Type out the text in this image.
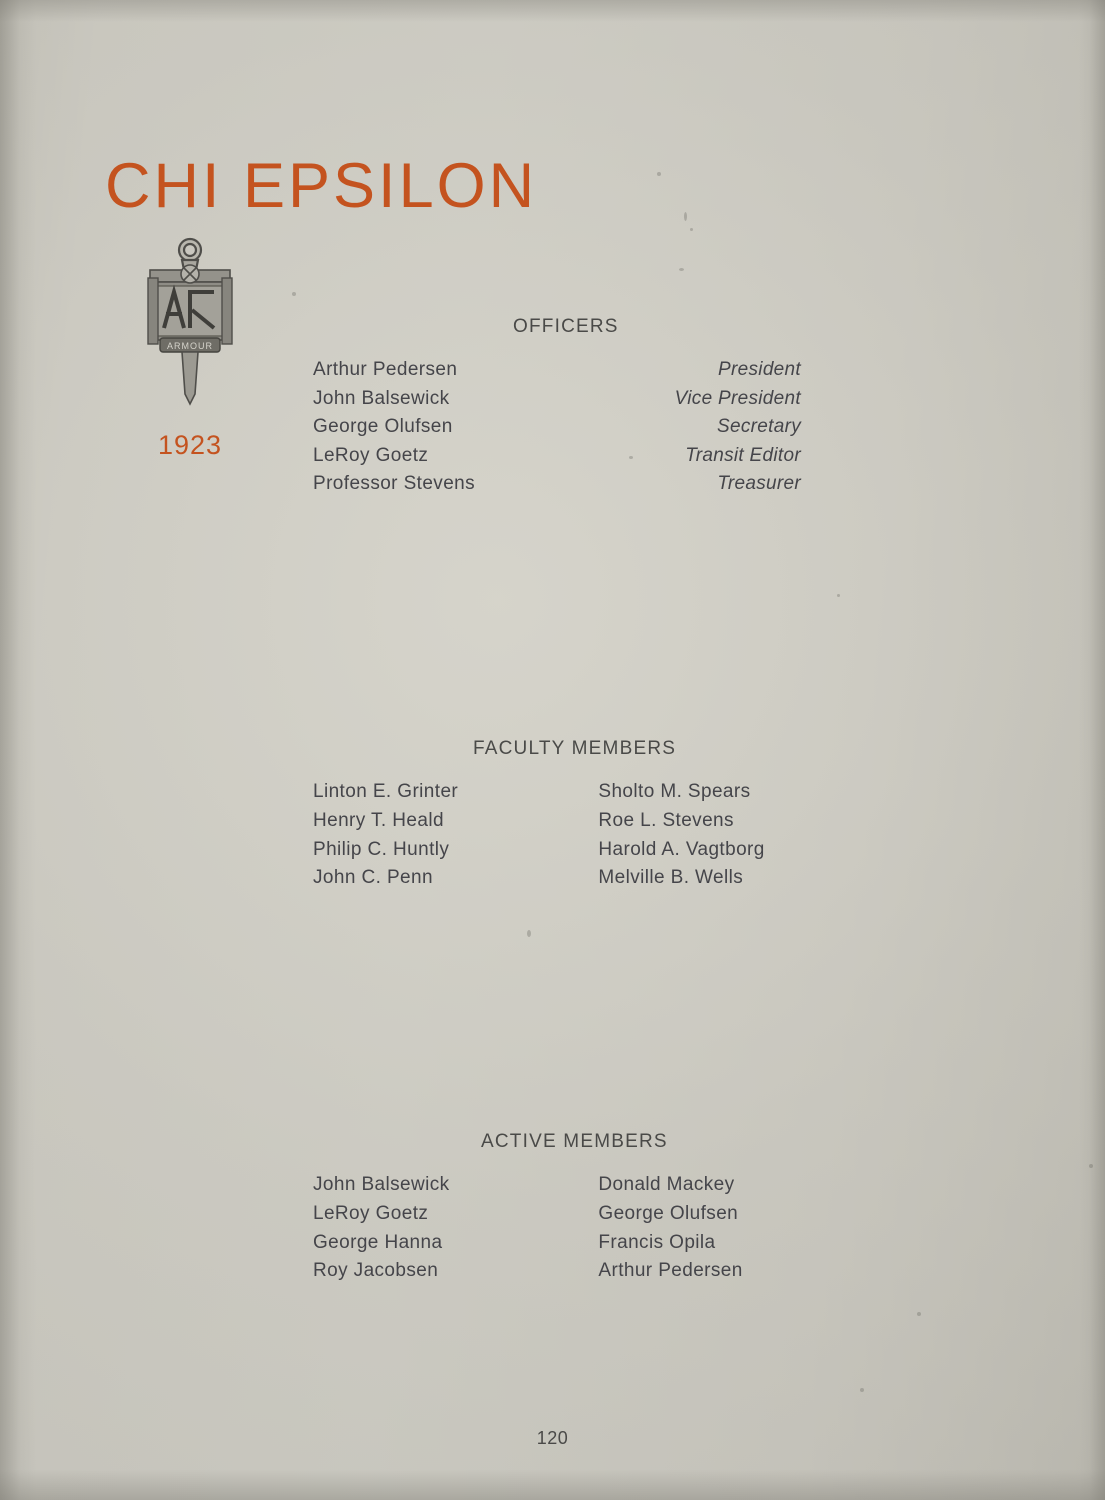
CHI EPSILON
ARMOUR
1923
OFFICERS
Arthur Pedersen	President
John Balsewick	Vice President
George Olufsen	Secretary
LeRoy Goetz	Transit Editor
Professor Stevens	Treasurer
FACULTY MEMBERS
Linton E. Grinter	Sholto M. Spears
Henry T. Heald	Roe L. Stevens
Philip C. Huntly	Harold A. Vagtborg
John C. Penn	Melville B. Wells
ACTIVE MEMBERS
John Balsewick	Donald Mackey
LeRoy Goetz	George Olufsen
George Hanna	Francis Opila
Roy Jacobsen	Arthur Pedersen
120
